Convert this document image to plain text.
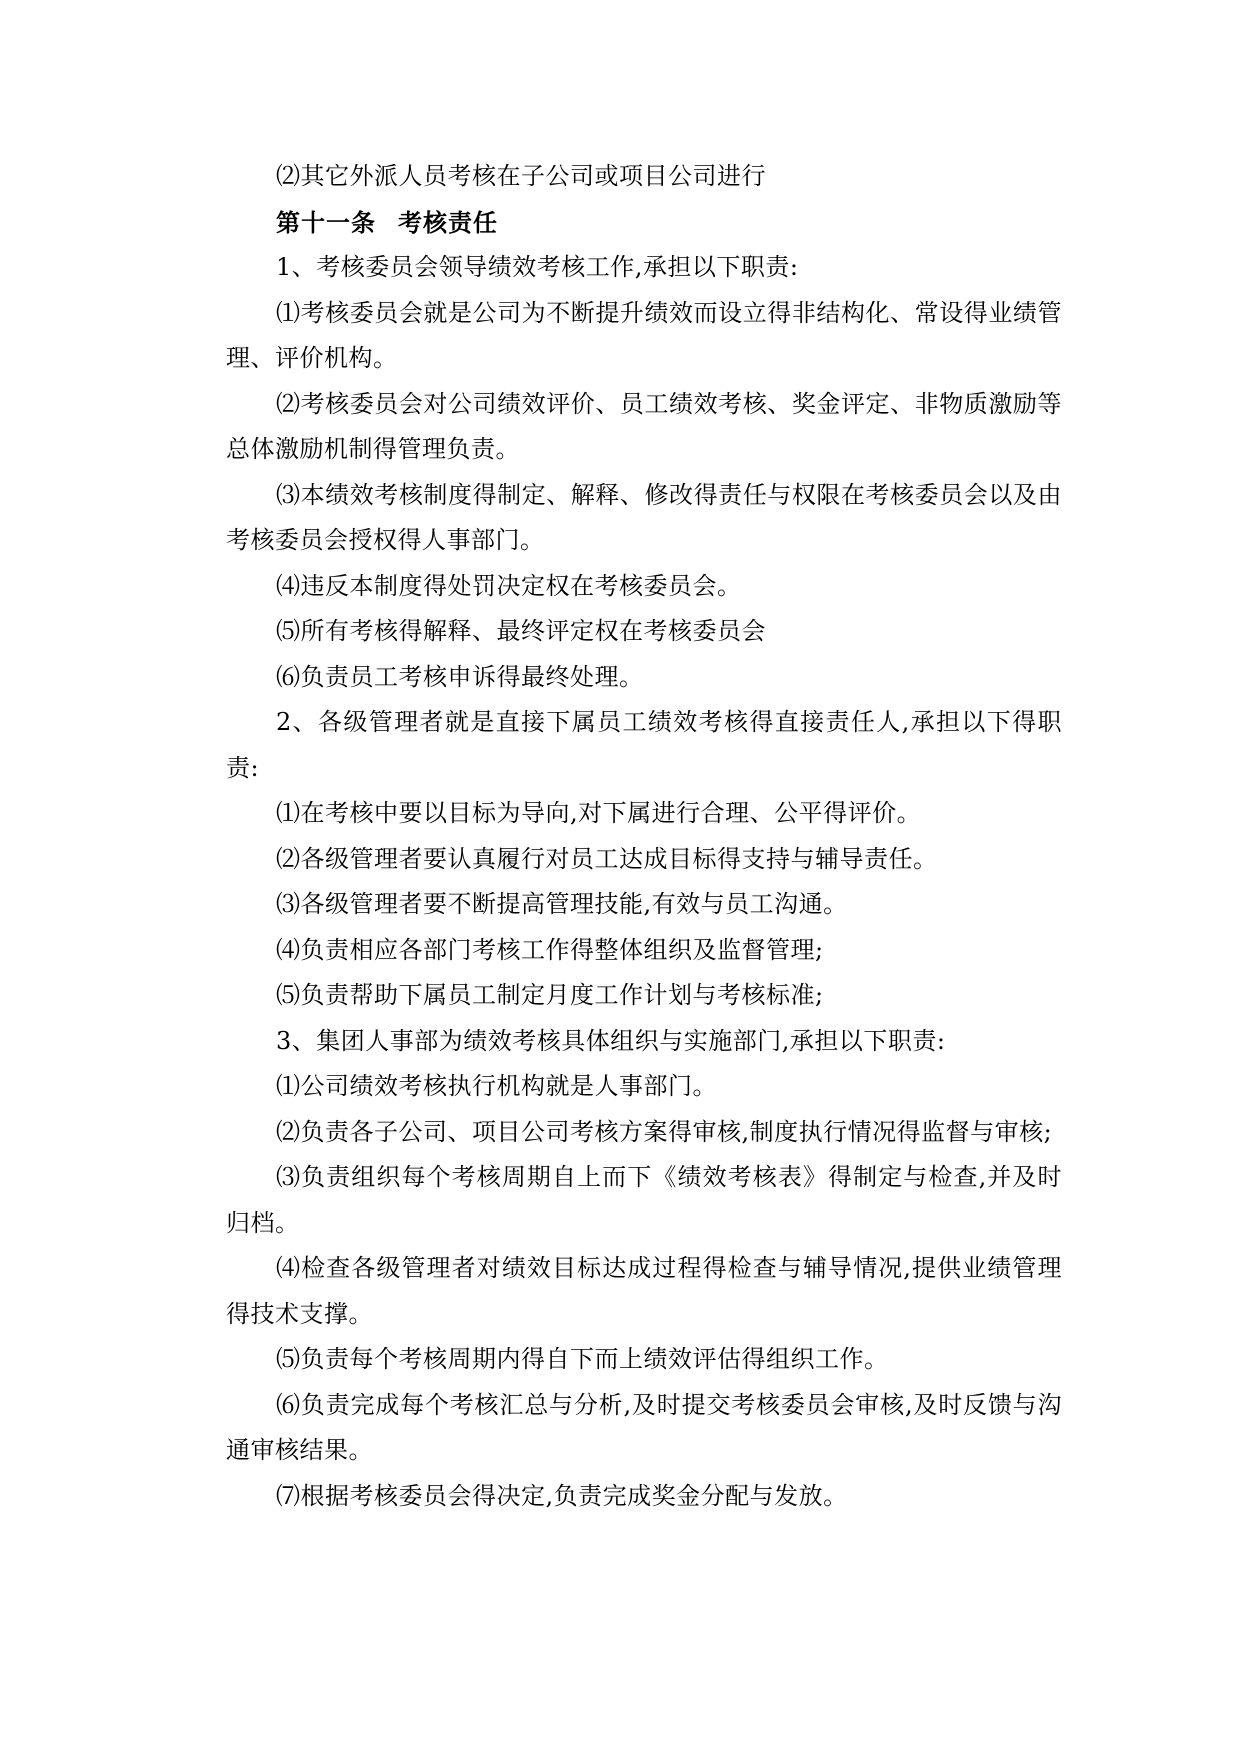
⑵其它外派人员考核在子公司或项目公司进行

第十一条 考核责任

1、考核委员会领导绩效考核工作,承担以下职责:

⑴考核委员会就是公司为不断提升绩效而设立得非结构化、常设得业绩管理、评价机构。

⑵考核委员会对公司绩效评价、员工绩效考核、奖金评定、非物质激励等总体激励机制得管理负责。

⑶本绩效考核制度得制定、解释、修改得责任与权限在考核委员会以及由考核委员会授权得人事部门。

⑷违反本制度得处罚决定权在考核委员会。

⑸所有考核得解释、最终评定权在考核委员会

⑹负责员工考核申诉得最终处理。

2、各级管理者就是直接下属员工绩效考核得直接责任人,承担以下得职责:

⑴在考核中要以目标为导向,对下属进行合理、公平得评价。

⑵各级管理者要认真履行对员工达成目标得支持与辅导责任。

⑶各级管理者要不断提高管理技能,有效与员工沟通。

⑷负责相应各部门考核工作得整体组织及监督管理;

⑸负责帮助下属员工制定月度工作计划与考核标准;

3、集团人事部为绩效考核具体组织与实施部门,承担以下职责:

⑴公司绩效考核执行机构就是人事部门。

⑵负责各子公司、项目公司考核方案得审核,制度执行情况得监督与审核;

⑶负责组织每个考核周期自上而下《绩效考核表》得制定与检查,并及时归档。

⑷检查各级管理者对绩效目标达成过程得检查与辅导情况,提供业绩管理得技术支撑。

⑸负责每个考核周期内得自下而上绩效评估得组织工作。

⑹负责完成每个考核汇总与分析,及时提交考核委员会审核,及时反馈与沟通审核结果。

⑺根据考核委员会得决定,负责完成奖金分配与发放。
